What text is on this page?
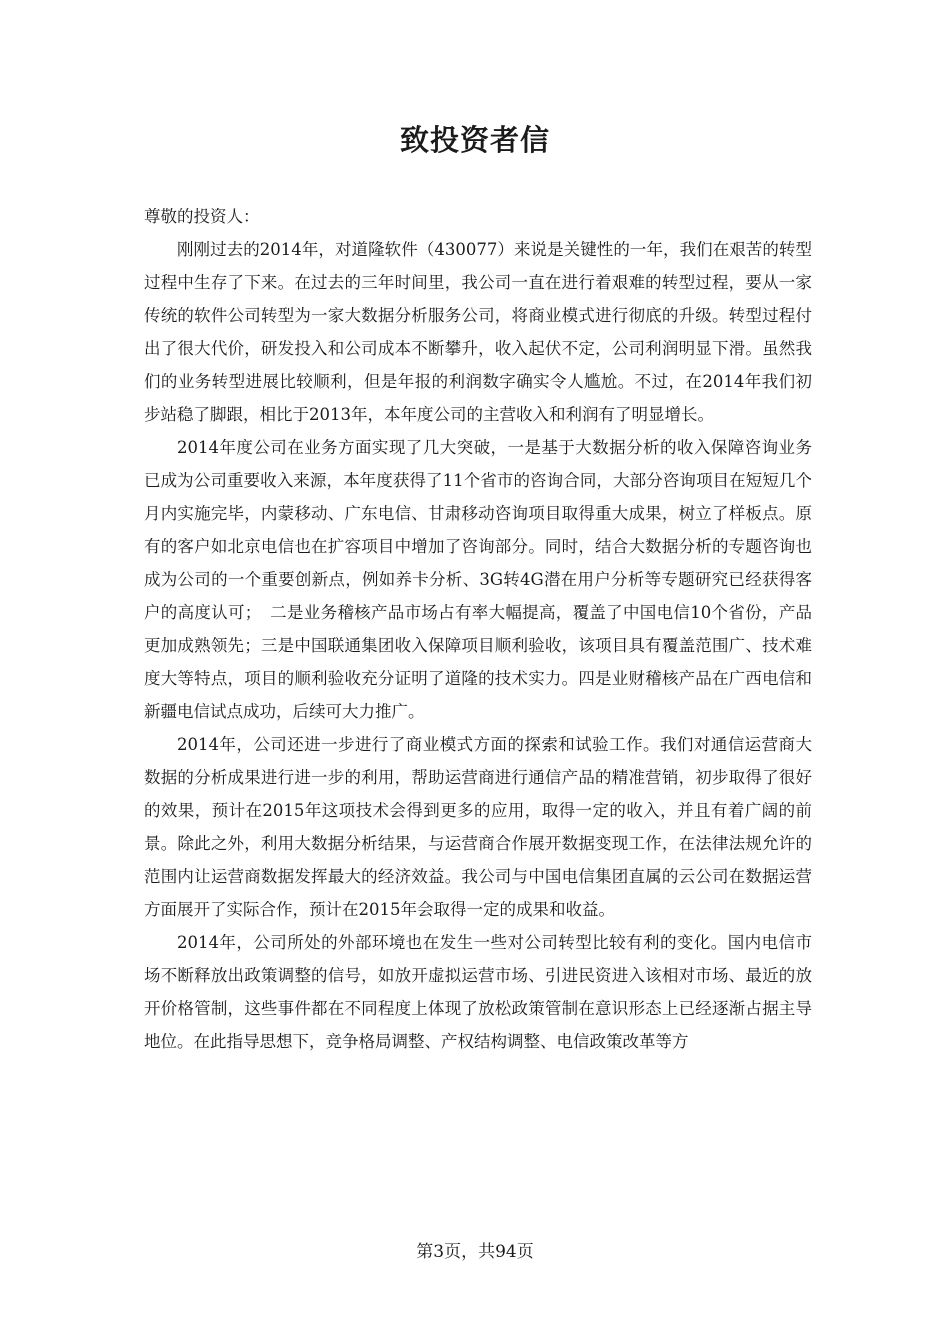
致投资者信

尊敬的投资人：

刚刚过去的2014年，对道隆软件（430077）来说是关键性的一年，我们在艰苦的转型过程中生存了下来。在过去的三年时间里，我公司一直在进行着艰难的转型过程，要从一家传统的软件公司转型为一家大数据分析服务公司，将商业模式进行彻底的升级。转型过程付出了很大代价，研发投入和公司成本不断攀升，收入起伏不定，公司利润明显下滑。虽然我们的业务转型进展比较顺利，但是年报的利润数字确实令人尴尬。不过，在2014年我们初步站稳了脚跟，相比于2013年，本年度公司的主营收入和利润有了明显增长。

2014年度公司在业务方面实现了几大突破，一是基于大数据分析的收入保障咨询业务已成为公司重要收入来源，本年度获得了11个省市的咨询合同，大部分咨询项目在短短几个月内实施完毕，内蒙移动、广东电信、甘肃移动咨询项目取得重大成果，树立了样板点。原有的客户如北京电信也在扩容项目中增加了咨询部分。同时，结合大数据分析的专题咨询也成为公司的一个重要创新点，例如养卡分析、3G转4G潜在用户分析等专题研究已经获得客户的高度认可；　二是业务稽核产品市场占有率大幅提高，覆盖了中国电信10个省份，产品更加成熟领先；三是中国联通集团收入保障项目顺利验收，该项目具有覆盖范围广、技术难度大等特点，项目的顺利验收充分证明了道隆的技术实力。四是业财稽核产品在广西电信和新疆电信试点成功，后续可大力推广。

2014年，公司还进一步进行了商业模式方面的探索和试验工作。我们对通信运营商大数据的分析成果进行进一步的利用，帮助运营商进行通信产品的精准营销，初步取得了很好的效果，预计在2015年这项技术会得到更多的应用，取得一定的收入，并且有着广阔的前景。除此之外，利用大数据分析结果，与运营商合作展开数据变现工作，在法律法规允许的范围内让运营商数据发挥最大的经济效益。我公司与中国电信集团直属的云公司在数据运营方面展开了实际合作，预计在2015年会取得一定的成果和收益。

2014年，公司所处的外部环境也在发生一些对公司转型比较有利的变化。国内电信市场不断释放出政策调整的信号，如放开虚拟运营市场、引进民资进入该相对市场、最近的放开价格管制，这些事件都在不同程度上体现了放松政策管制在意识形态上已经逐渐占据主导地位。在此指导思想下，竞争格局调整、产权结构调整、电信政策改革等方

第3页，共94页
